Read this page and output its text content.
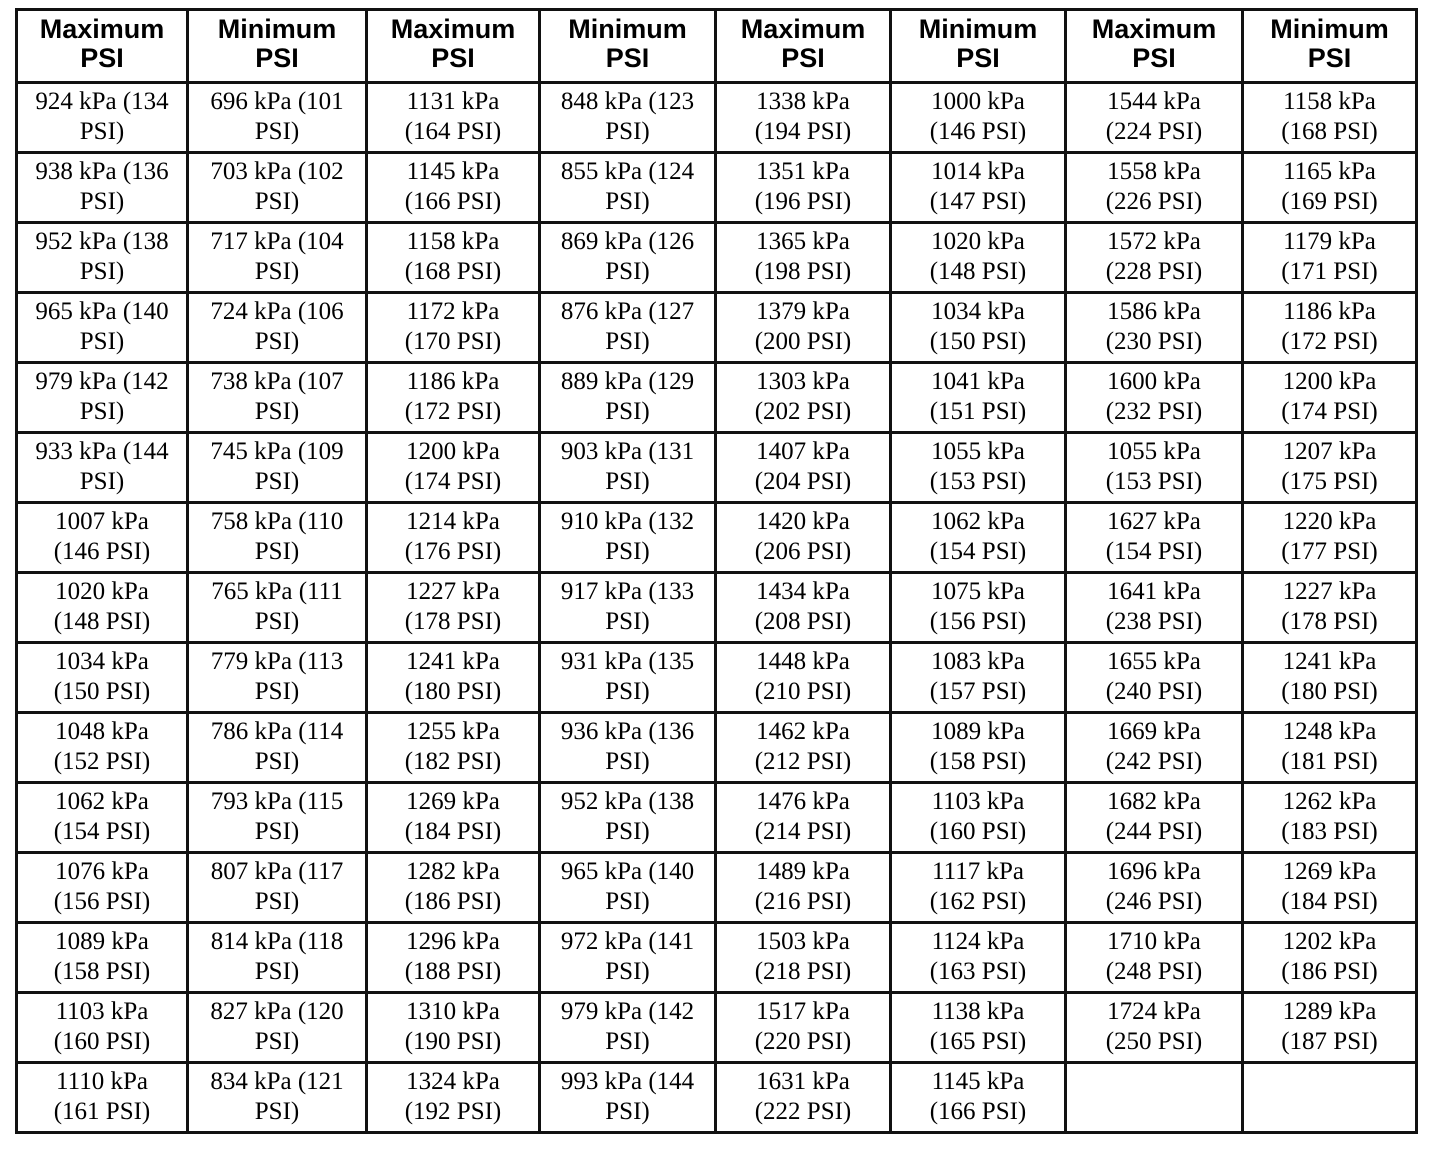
Maximum
PSI	Minimum
PSI	Maximum
PSI	Minimum
PSI	Maximum
PSI	Minimum
PSI	Maximum
PSI	Minimum
PSI

924 kPa (134
PSI)	696 kPa (101
PSI)	1131 kPa
(164 PSI)	848 kPa (123
PSI)	1338 kPa
(194 PSI)	1000 kPa
(146 PSI)	1544 kPa
(224 PSI)	1158 kPa
(168 PSI)

938 kPa (136
PSI)	703 kPa (102
PSI)	1145 kPa
(166 PSI)	855 kPa (124
PSI)	1351 kPa
(196 PSI)	1014 kPa
(147 PSI)	1558 kPa
(226 PSI)	1165 kPa
(169 PSI)

952 kPa (138
PSI)	717 kPa (104
PSI)	1158 kPa
(168 PSI)	869 kPa (126
PSI)	1365 kPa
(198 PSI)	1020 kPa
(148 PSI)	1572 kPa
(228 PSI)	1179 kPa
(171 PSI)

965 kPa (140
PSI)	724 kPa (106
PSI)	1172 kPa
(170 PSI)	876 kPa (127
PSI)	1379 kPa
(200 PSI)	1034 kPa
(150 PSI)	1586 kPa
(230 PSI)	1186 kPa
(172 PSI)

979 kPa (142
PSI)	738 kPa (107
PSI)	1186 kPa
(172 PSI)	889 kPa (129
PSI)	1303 kPa
(202 PSI)	1041 kPa
(151 PSI)	1600 kPa
(232 PSI)	1200 kPa
(174 PSI)

933 kPa (144
PSI)	745 kPa (109
PSI)	1200 kPa
(174 PSI)	903 kPa (131
PSI)	1407 kPa
(204 PSI)	1055 kPa
(153 PSI)	1055 kPa
(153 PSI)	1207 kPa
(175 PSI)

1007 kPa
(146 PSI)	758 kPa (110
PSI)	1214 kPa
(176 PSI)	910 kPa (132
PSI)	1420 kPa
(206 PSI)	1062 kPa
(154 PSI)	1627 kPa
(154 PSI)	1220 kPa
(177 PSI)

1020 kPa
(148 PSI)	765 kPa (111
PSI)	1227 kPa
(178 PSI)	917 kPa (133
PSI)	1434 kPa
(208 PSI)	1075 kPa
(156 PSI)	1641 kPa
(238 PSI)	1227 kPa
(178 PSI)

1034 kPa
(150 PSI)	779 kPa (113
PSI)	1241 kPa
(180 PSI)	931 kPa (135
PSI)	1448 kPa
(210 PSI)	1083 kPa
(157 PSI)	1655 kPa
(240 PSI)	1241 kPa
(180 PSI)

1048 kPa
(152 PSI)	786 kPa (114
PSI)	1255 kPa
(182 PSI)	936 kPa (136
PSI)	1462 kPa
(212 PSI)	1089 kPa
(158 PSI)	1669 kPa
(242 PSI)	1248 kPa
(181 PSI)

1062 kPa
(154 PSI)	793 kPa (115
PSI)	1269 kPa
(184 PSI)	952 kPa (138
PSI)	1476 kPa
(214 PSI)	1103 kPa
(160 PSI)	1682 kPa
(244 PSI)	1262 kPa
(183 PSI)

1076 kPa
(156 PSI)	807 kPa (117
PSI)	1282 kPa
(186 PSI)	965 kPa (140
PSI)	1489 kPa
(216 PSI)	1117 kPa
(162 PSI)	1696 kPa
(246 PSI)	1269 kPa
(184 PSI)

1089 kPa
(158 PSI)	814 kPa (118
PSI)	1296 kPa
(188 PSI)	972 kPa (141
PSI)	1503 kPa
(218 PSI)	1124 kPa
(163 PSI)	1710 kPa
(248 PSI)	1202 kPa
(186 PSI)

1103 kPa
(160 PSI)	827 kPa (120
PSI)	1310 kPa
(190 PSI)	979 kPa (142
PSI)	1517 kPa
(220 PSI)	1138 kPa
(165 PSI)	1724 kPa
(250 PSI)	1289 kPa
(187 PSI)

1110 kPa
(161 PSI)	834 kPa (121
PSI)	1324 kPa
(192 PSI)	993 kPa (144
PSI)	1631 kPa
(222 PSI)	1145 kPa
(166 PSI)		
